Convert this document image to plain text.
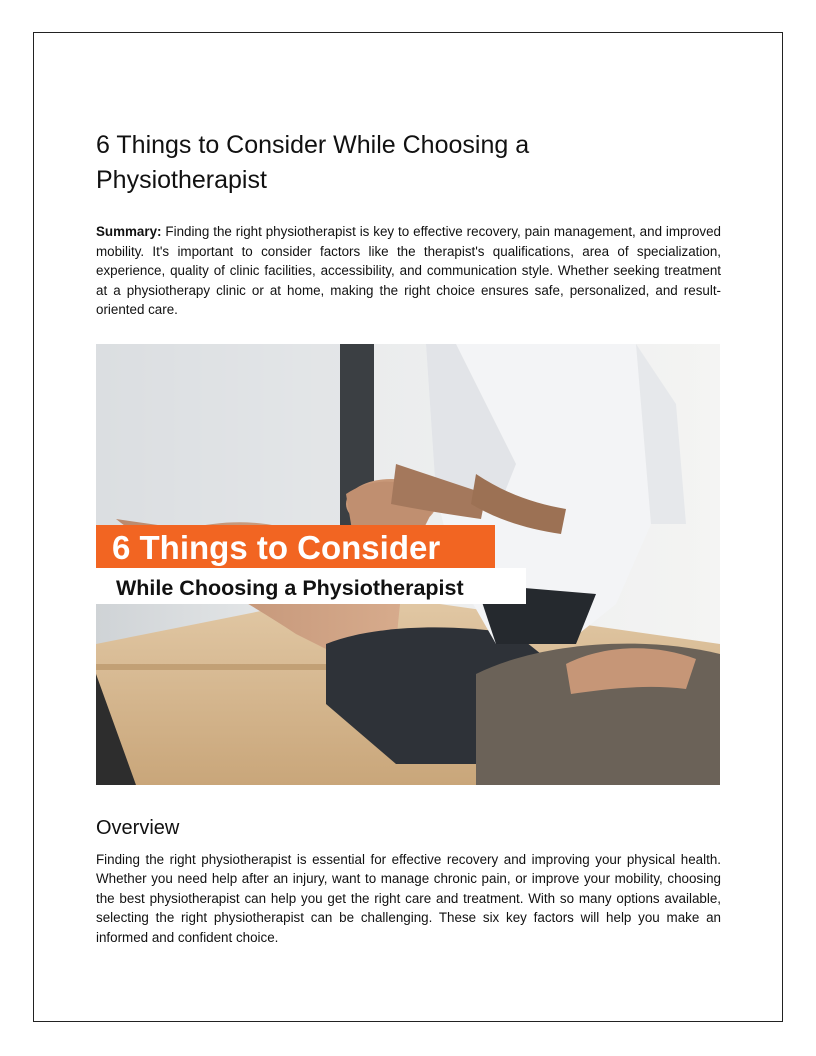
6 Things to Consider While Choosing a Physiotherapist

Summary: Finding the right physiotherapist is key to effective recovery, pain management, and improved mobility. It's important to consider factors like the therapist's qualifications, area of specialization, experience, quality of clinic facilities, accessibility, and communication style. Whether seeking treatment at a physiotherapy clinic or at home, making the right choice ensures safe, personalized, and result-oriented care.

6 Things to Consider
While Choosing a Physiotherapist
Overview

Finding the right physiotherapist is essential for effective recovery and improving your physical health. Whether you need help after an injury, want to manage chronic pain, or improve your mobility, choosing the best physiotherapist can help you get the right care and treatment. With so many options available, selecting the right physiotherapist can be challenging. These six key factors will help you make an informed and confident choice.
